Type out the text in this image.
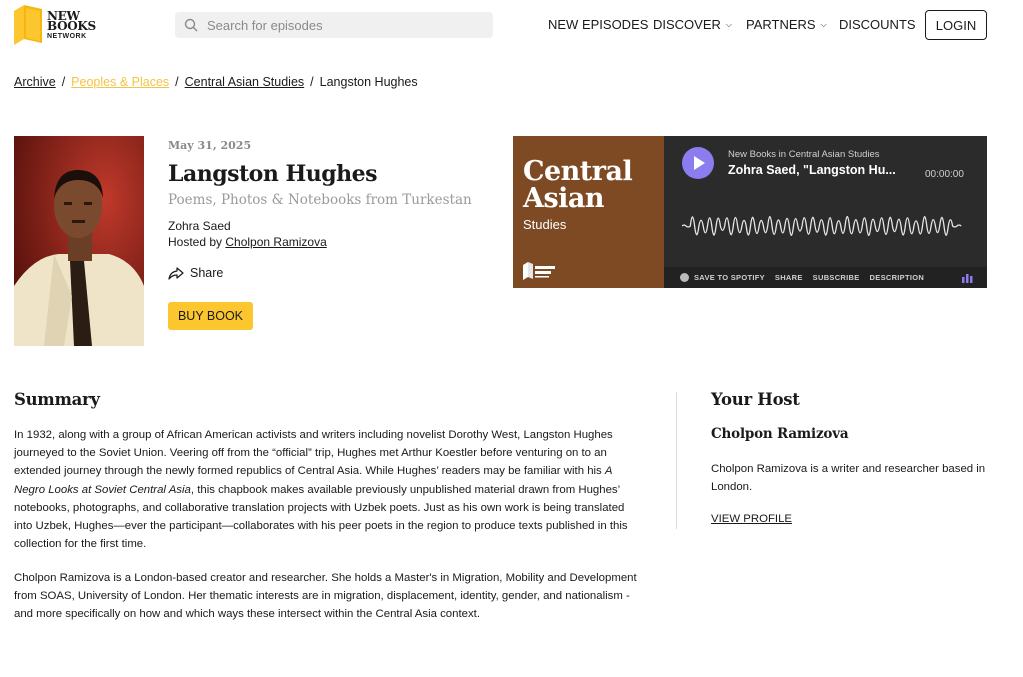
NEW
BOOKS
NETWORK
Search for episodes
NEW EPISODES DISCOVER ⌵ PARTNERS ⌵ DISCOUNTS	LOGIN
Archive / Peoples & Places / Central Asian Studies / Langston Hughes
May 31, 2025
Langston Hughes
Poems, Photos & Notebooks from Turkestan
Zohra Saed
Hosted by Cholpon Ramizova
Share
BUY BOOK
Central
Asian
Studies
New Books in Central Asian Studies
Zohra Saed, "Langston Hu...	00:00:00
SAVE TO SPOTIFY SHARE SUBSCRIBE DESCRIPTION
Summary

In 1932, along with a group of African American activists and writers including novelist Dorothy West, Langston Hughes journeyed to the Soviet Union. Veering off from the “official” trip, Hughes met Arthur Koestler before venturing on to an extended journey through the newly formed republics of Central Asia. While Hughes’ readers may be familiar with his A Negro Looks at Soviet Central Asia, this chapbook makes available previously unpublished material drawn from Hughes’ notebooks, photographs, and collaborative translation projects with Uzbek poets. Just as his own work is being translated into Uzbek, Hughes—ever the participant—collaborates with his peer poets in the region to produce texts published in this collection for the first time.

Cholpon Ramizova is a London-based creator and researcher. She holds a Master's in Migration, Mobility and Development from SOAS, University of London. Her thematic interests are in migration, displacement, identity, gender, and nationalism - and more specifically on how and which ways these intersect within the Central Asia context.

Your Host
Cholpon Ramizova

Cholpon Ramizova is a writer and researcher based in London.

VIEW PROFILE
